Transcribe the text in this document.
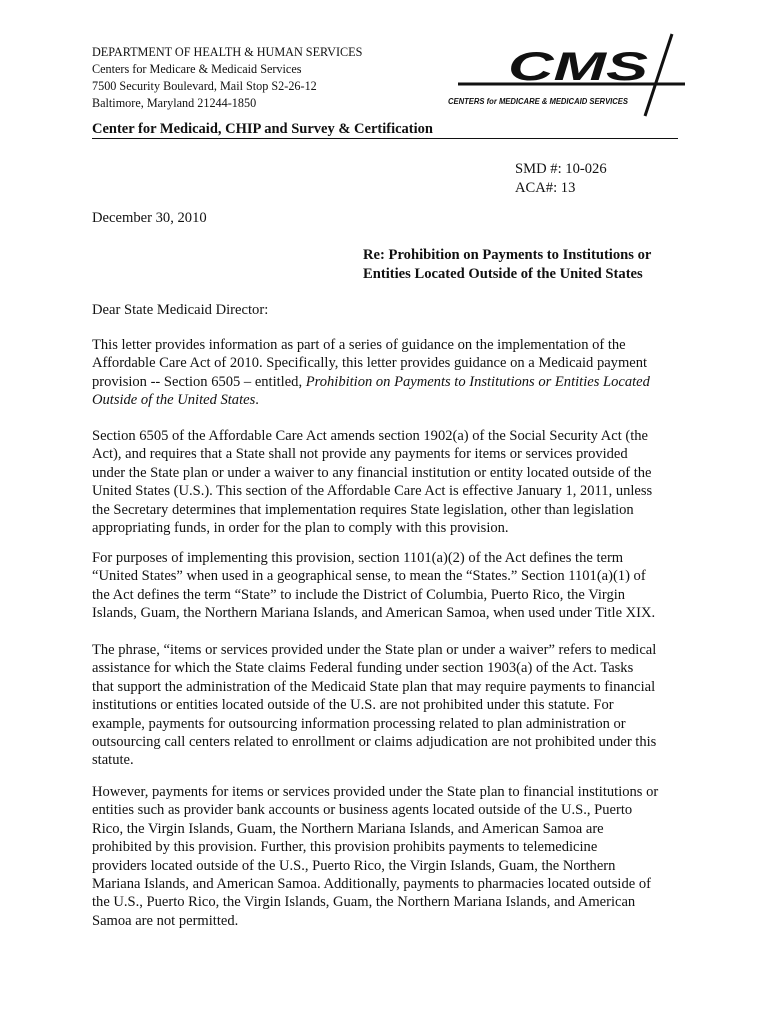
DEPARTMENT OF HEALTH & HUMAN SERVICES
Centers for Medicare & Medicaid Services
7500 Security Boulevard, Mail Stop S2-26-12
Baltimore, Maryland 21244-1850
CMS
CENTERS for MEDICARE & MEDICAID SERVICES
Center for Medicaid, CHIP and Survey & Certification
SMD #: 10-026
ACA#: 13
December 30, 2010
Re: Prohibition on Payments to Institutions or
Entities Located Outside of the United States
Dear State Medicaid Director:
This letter provides information as part of a series of guidance on the implementation of the
Affordable Care Act of 2010. Specifically, this letter provides guidance on a Medicaid payment
provision -- Section 6505 – entitled, Prohibition on Payments to Institutions or Entities Located
Outside of the United States.
Section 6505 of the Affordable Care Act amends section 1902(a) of the Social Security Act (the
Act), and requires that a State shall not provide any payments for items or services provided
under the State plan or under a waiver to any financial institution or entity located outside of the
United States (U.S.). This section of the Affordable Care Act is effective January 1, 2011, unless
the Secretary determines that implementation requires State legislation, other than legislation
appropriating funds, in order for the plan to comply with this provision.
For purposes of implementing this provision, section 1101(a)(2) of the Act defines the term
“United States” when used in a geographical sense, to mean the “States.” Section 1101(a)(1) of
the Act defines the term “State” to include the District of Columbia, Puerto Rico, the Virgin
Islands, Guam, the Northern Mariana Islands, and American Samoa, when used under Title XIX.
The phrase, “items or services provided under the State plan or under a waiver” refers to medical
assistance for which the State claims Federal funding under section 1903(a) of the Act. Tasks
that support the administration of the Medicaid State plan that may require payments to financial
institutions or entities located outside of the U.S. are not prohibited under this statute. For
example, payments for outsourcing information processing related to plan administration or
outsourcing call centers related to enrollment or claims adjudication are not prohibited under this
statute.
However, payments for items or services provided under the State plan to financial institutions or
entities such as provider bank accounts or business agents located outside of the U.S., Puerto
Rico, the Virgin Islands, Guam, the Northern Mariana Islands, and American Samoa are
prohibited by this provision. Further, this provision prohibits payments to telemedicine
providers located outside of the U.S., Puerto Rico, the Virgin Islands, Guam, the Northern
Mariana Islands, and American Samoa. Additionally, payments to pharmacies located outside of
the U.S., Puerto Rico, the Virgin Islands, Guam, the Northern Mariana Islands, and American
Samoa are not permitted.
